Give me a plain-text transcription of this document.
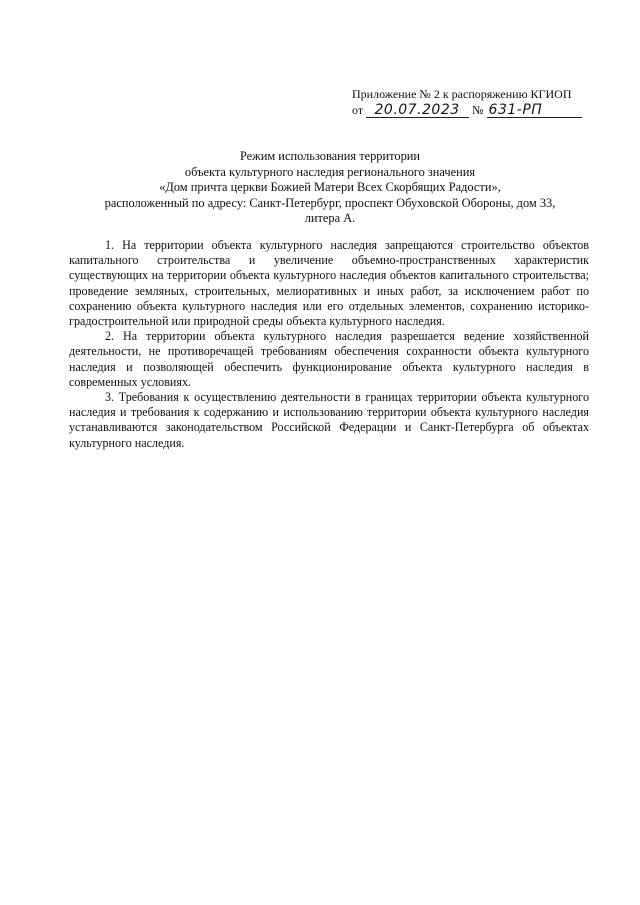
Приложение № 2 к распоряжению КГИОП
от 20.07.2023 № 631-РП
Режим использования территории
объекта культурного наследия регионального значения
«Дом причта церкви Божией Матери Всех Скорбящих Радости»,
расположенный по адресу: Санкт-Петербург, проспект Обуховской Обороны, дом 33,
литера А.

1. На территории объекта культурного наследия запрещаются строительство объектов капитального строительства и увеличение объемно-пространственных характеристик существующих на территории объекта культурного наследия объектов капитального строительства; проведение земляных, строительных, мелиоративных и иных работ, за исключением работ по сохранению объекта культурного наследия или его отдельных элементов, сохранению историко-градостроительной или природной среды объекта культурного наследия.

2. На территории объекта культурного наследия разрешается ведение хозяйственной деятельности, не противоречащей требованиям обеспечения сохранности объекта культурного наследия и позволяющей обеспечить функционирование объекта культурного наследия в современных условиях.

3. Требования к осуществлению деятельности в границах территории объекта культурного наследия и требования к содержанию и использованию территории объекта культурного наследия устанавливаются законодательством Российской Федерации и Санкт-Петербурга об объектах культурного наследия.
